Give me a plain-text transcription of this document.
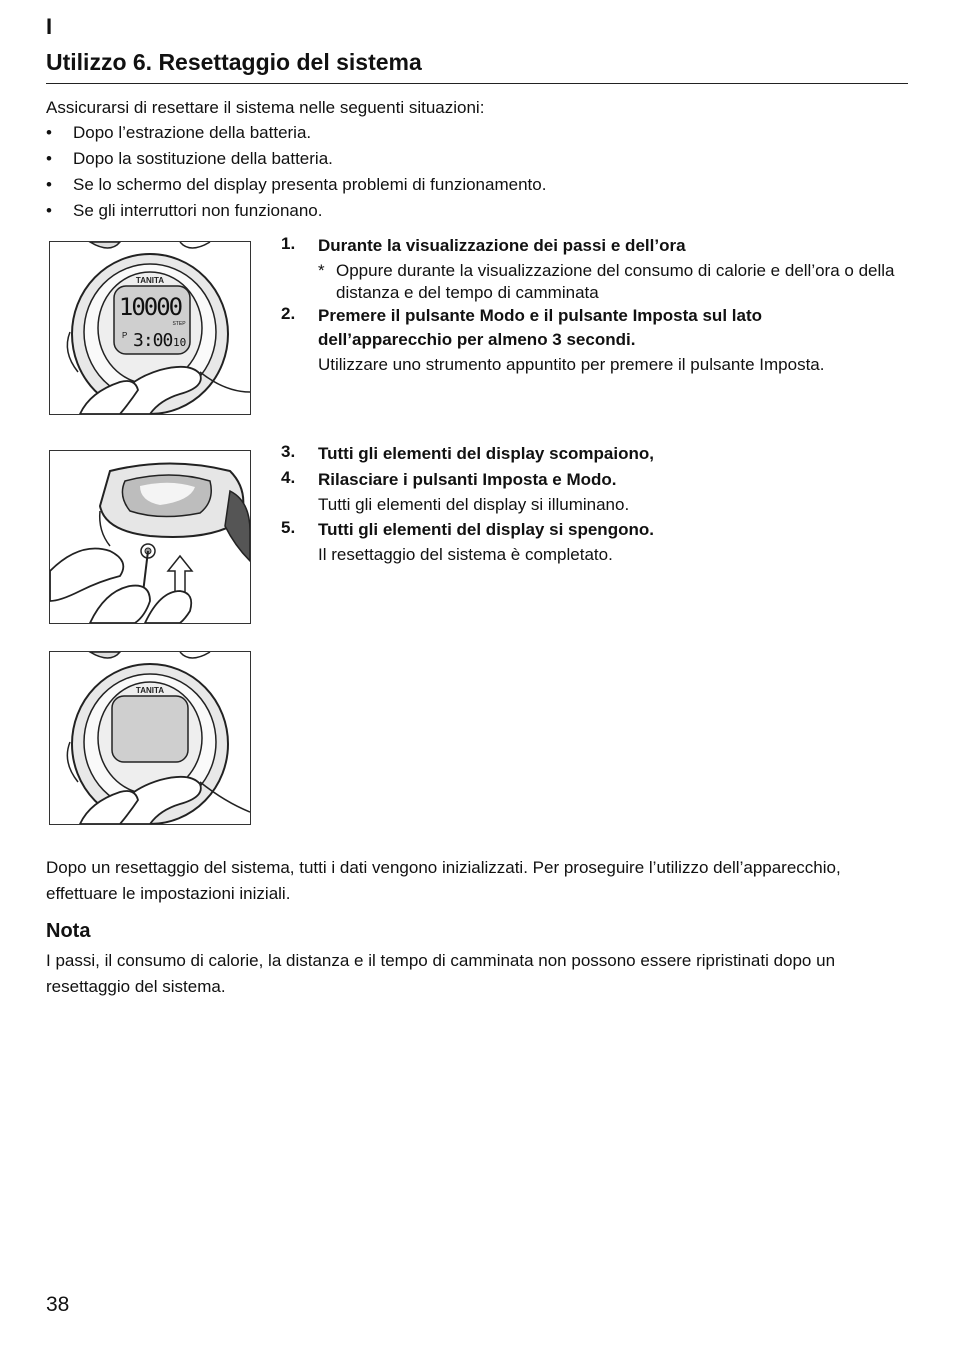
I
Utilizzo 6. Resettaggio del sistema
Assicurarsi di resettare il sistema nelle seguenti situazioni:
• Dopo l’estrazione della batteria.
• Dopo la sostituzione della batteria.
• Se lo schermo del display presenta problemi di funzionamento.
• Se gli interruttori non funzionano.
TANITA
10000
STEP
P 3:00 10
TANITA
1. Durante la visualizzazione dei passi e dell’ora
* Oppure durante la visualizzazione del consumo di calorie e dell’ora o della distanza e del tempo di camminata
2. Premere il pulsante Modo e il pulsante Imposta sul lato dell’apparecchio per almeno 3 secondi.
Utilizzare uno strumento appuntito per premere il pulsante Imposta.
3. Tutti gli elementi del display scompaiono,
4. Rilasciare i pulsanti Imposta e Modo.
Tutti gli elementi del display si illuminano.
5. Tutti gli elementi del display si spengono.
Il resettaggio del sistema è completato.
Dopo un resettaggio del sistema, tutti i dati vengono inizializzati. Per proseguire l’utilizzo dell’apparecchio, effettuare le impostazioni iniziali.
Nota
I passi, il consumo di calorie, la distanza e il tempo di camminata non possono essere ripristinati dopo un resettaggio del sistema.
38
